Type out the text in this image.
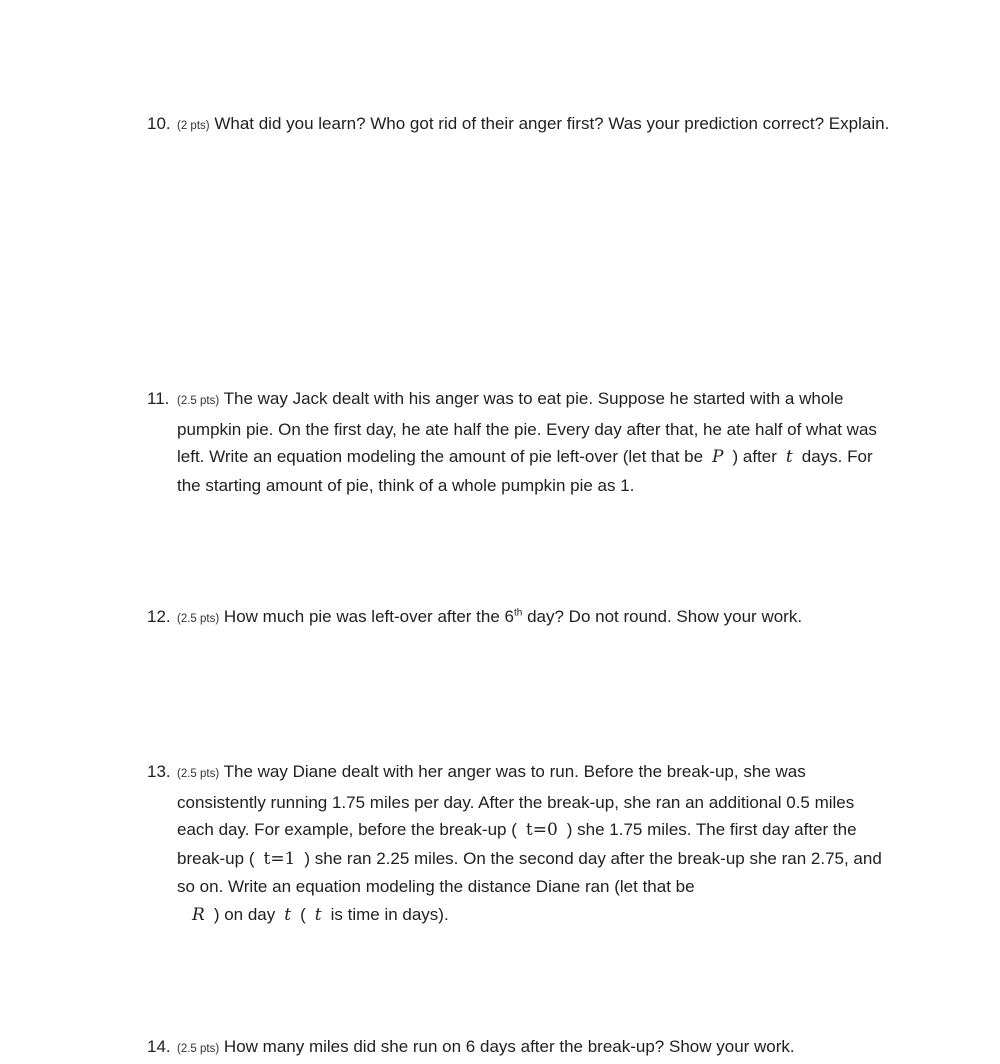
10. (2 pts) What did you learn? Who got rid of their anger first? Was your prediction correct? Explain.
11. (2.5 pts) The way Jack dealt with his anger was to eat pie. Suppose he started with a whole pumpkin pie. On the first day, he ate half the pie. Every day after that, he ate half of what was left. Write an equation modeling the amount of pie left-over (let that be P ) after t days. For the starting amount of pie, think of a whole pumpkin pie as 1.
12. (2.5 pts) How much pie was left-over after the 6th day? Do not round. Show your work.
13. (2.5 pts) The way Diane dealt with her anger was to run. Before the break-up, she was consistently running 1.75 miles per day. After the break-up, she ran an additional 0.5 miles each day. For example, before the break-up ( t=0 ) she 1.75 miles. The first day after the break-up ( t=1 ) she ran 2.25 miles. On the second day after the break-up she ran 2.75, and so on. Write an equation modeling the distance Diane ran (let that be
R ) on day t ( t is time in days).
14. (2.5 pts) How many miles did she run on 6 days after the break-up? Show your work.
